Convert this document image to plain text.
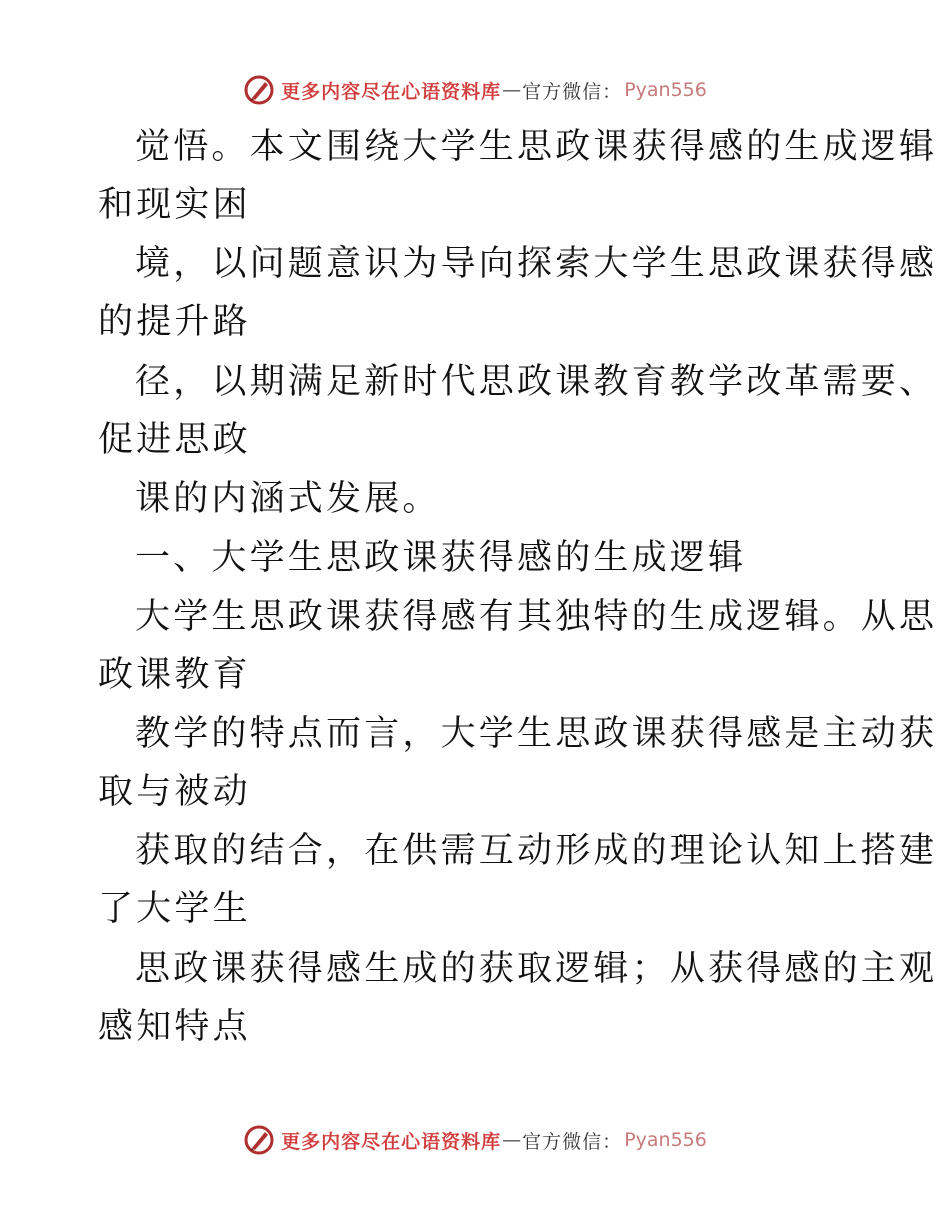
更多内容尽在心语资料库 — 官方微信： Pyan556
觉悟。本文围绕大学生思政课获得感的生成逻辑
和现实困
境，以问题意识为导向探索大学生思政课获得感
的提升路
径，以期满足新时代思政课教育教学改革需要、
促进思政
课的内涵式发展。
一、大学生思政课获得感的生成逻辑
大学生思政课获得感有其独特的生成逻辑。从思
政课教育
教学的特点而言，大学生思政课获得感是主动获
取与被动
获取的结合，在供需互动形成的理论认知上搭建
了大学生
思政课获得感生成的获取逻辑；从获得感的主观
感知特点
更多内容尽在心语资料库 — 官方微信： Pyan556
